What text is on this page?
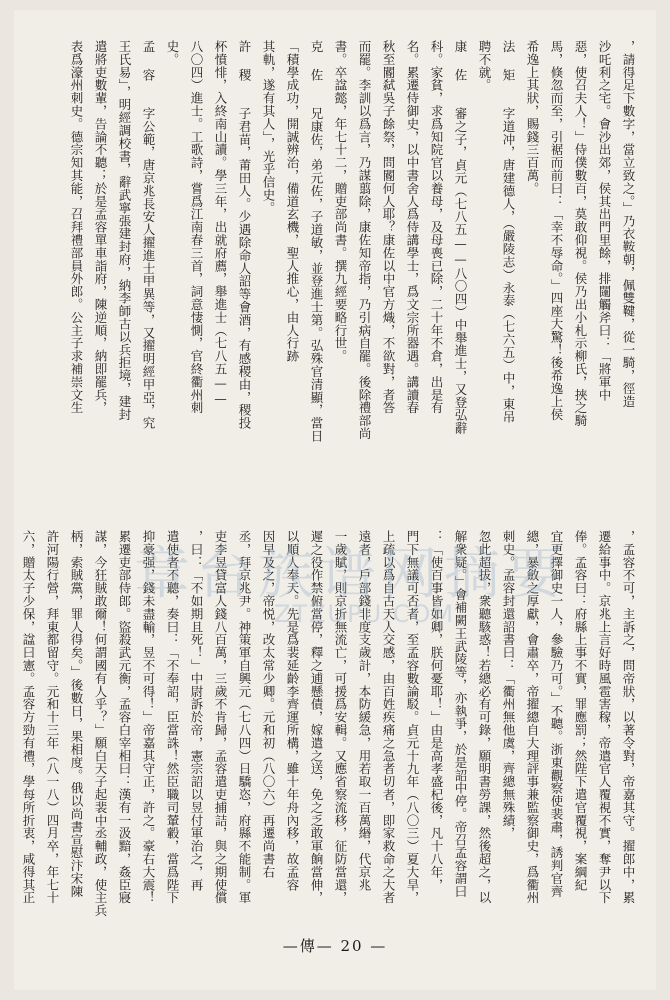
，請得足下數字，當立致之。」乃衣鞍朝，佩雙鞬，從一騎，徑造
沙吒利之宅。會沙出郊，侯其出門里餘，排闥觸斧曰：「將軍中
惡，使召夫人！」侍僕數百，莫敢仰視。侯乃出小札示柳氏，挾之騎
馬，倏忽而至，引裾而前曰：「幸不辱命。」四座大驚！後希逸上侯
希逸上其狀，賜錢三百萬。
法 矩　　字道冲，唐建德人，（嚴陵志）永泰（七六五）中，東吊
聘不就。
康 佐　　審之子，貞元（七八五——八〇四）中舉進士，又登弘辭
科。家貧，求爲知院官以養母，及母喪已除，二十年不倉，出是有
名。累遷侍御史，以中書舍人爲侍講學士，爲文宗所器遇。講讀春
秋至閽弑吳子餘祭，問閽何人耶？康佐以中官方熾，不欲對，者答
而罷。李訓以爲言，乃謀翦除，康佐知帝指，乃引病自罷。後除禮部尚
書。卒諡懿，年七十二，贈吏部尚書。撰九經要略行世。
克 佐　　兄康佐，弟元佐，子道敏，並登進士第。弘殊官清顯，當日
「積學成功，開誠辨治，備道玄機，聖人推心，由人行跡
其軌，遂有其人」，光乎信史。
許 稷　　子君苗，莆田人。少遇除命人詔等會酒，有感稷由，稷投
杯憤悱，入終南山讀。學三年，出就府薦，舉進士（七八五——
八〇四）進士。工歌詩，嘗爲江南春三首，詞意悽惻，官終衢州刺
史。
孟 容　　字公範，唐京兆長安人擢進士甲異等，又擢明經甲亞，究
王氏易」，明經調校書，辭武寧張建封府，納李師古以兵拒境，建封
遣將吏數輩，告論不聽；於是孟容單車詣府，陳逆順，納即罷兵，
表爲濠州刺史。德宗知其能，召拜禮部員外郎。公主子求補崇文生
，孟容不可，主訴之，問帝狀，以著令對，帝嘉其守。擢郎中，累
遷給事中。京兆上言好時風雹害稼，帝遣官人覆視不實，奪尹以下
俸。孟容曰：府縣上事不實，罪應罰；然陛下遣官覆視，案綱紀
宜更擇御史一人，參驗乃可。」不聽。浙東觀察使裴肅，誘判官齊
總，暴斂之厚獻，會肅卒，帝擢總自大理評事兼監察御史，爲衢州
刺史。孟容封還詔書曰：「衢州無他虞，齊總無殊績，
忽此超拔，衆聽駭惑！若總必有可錄，願明書勞課，然後超之，以
解衆疑。」會補闕王武陵等，亦執爭，於是詔中停。帝召孟容謂曰
：「使百事皆如卿，朕何憂耶！」由是高孝盛杞後，凡十八年，
門下無議可否者，至孟容數論駁。貞元十九年（八〇三）夏大旱，
上疏以爲自古天人交感，由百姓疾痛之急者切者，即家救命之大者
遠者，戶部錢非度支歲計，本防緩急，用若取一百萬緡，代京兆
一歲賦，則京折無流亡，可援爲安輯。又應省察流移，征防當還，
遲之役作禁俯當停，釋之逋懸債，嫁遣之送，免之乏敢軍餉當伸，
以順人奉天。先是爲裴延齡李齊運所構，雖十年舟內移，故孟容
因早及之，帝悦，改太常少卿。元和初（八〇六）再遷尚書右
丞，拜京兆尹。神策軍自興元（七八四）日驕恣，府縣不能制。軍
吏李昱貸富人錢八百萬，三歲不肯歸，孟容遣吏捕詰，與之期使償
，曰：「不如期且死！」中尉訴於帝，憲宗詔以昱付軍治之，再
遣使者不聽，奏曰：「不奉詔，臣當誅！然臣職司輦轂，當爲陛下
抑豪强，錢未盡輸，昱不可得！」帝嘉其守正，許之。豪右大震！
累遷吏部侍郎。盜殺武元衡，孟容白宰相曰：漢有一汲黯，姦臣寢
謀，今狂賊敢爾！何謂國有人乎？」願白天子起裴中丞輔政，使主兵
柄，索賊黨，罪人得矣。」後數日，果相度。俄以尚書宣慰汴宋陳
許河陽行營，拜東都留守。元和十三年（八一八）四月卒，年七十
六，贈太子少保，諡曰憲。孟容方勁有禮，學每所折衷，咸得其正 章台族谱网摘要
ZTZUPU.COM
—傳— 20 —
